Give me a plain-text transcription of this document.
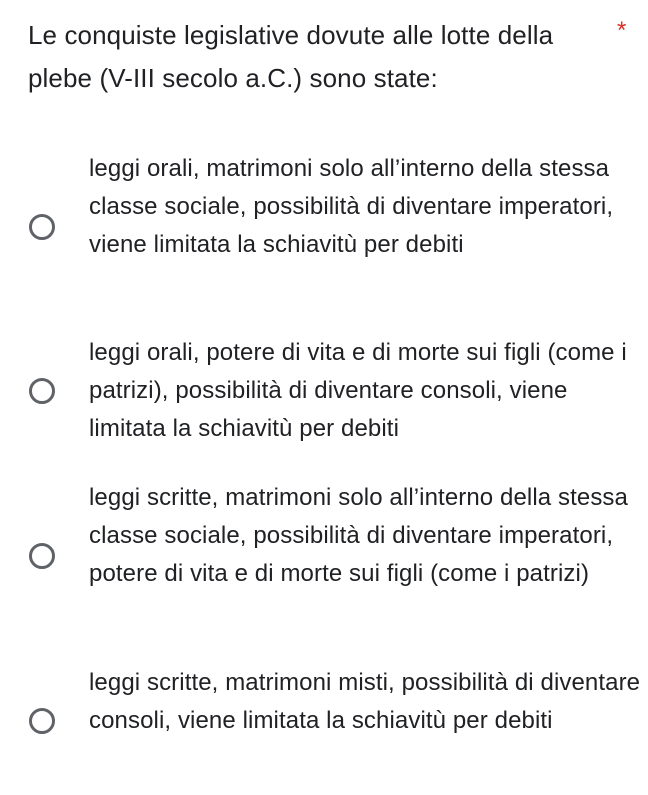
Le conquiste legislative dovute alle lotte della plebe (V-III secolo a.C.) sono state:
*
leggi orali, matrimoni solo all’interno della stessa classe sociale, possibilità di diventare imperatori, viene limitata la schiavitù per debiti
leggi orali, potere di vita e di morte sui figli (come i patrizi), possibilità di diventare consoli, viene limitata la schiavitù per debiti
leggi scritte, matrimoni solo all’interno della stessa classe sociale, possibilità di diventare imperatori, potere di vita e di morte sui figli (come i patrizi)
leggi scritte, matrimoni misti, possibilità di diventare consoli, viene limitata la schiavitù per debiti
